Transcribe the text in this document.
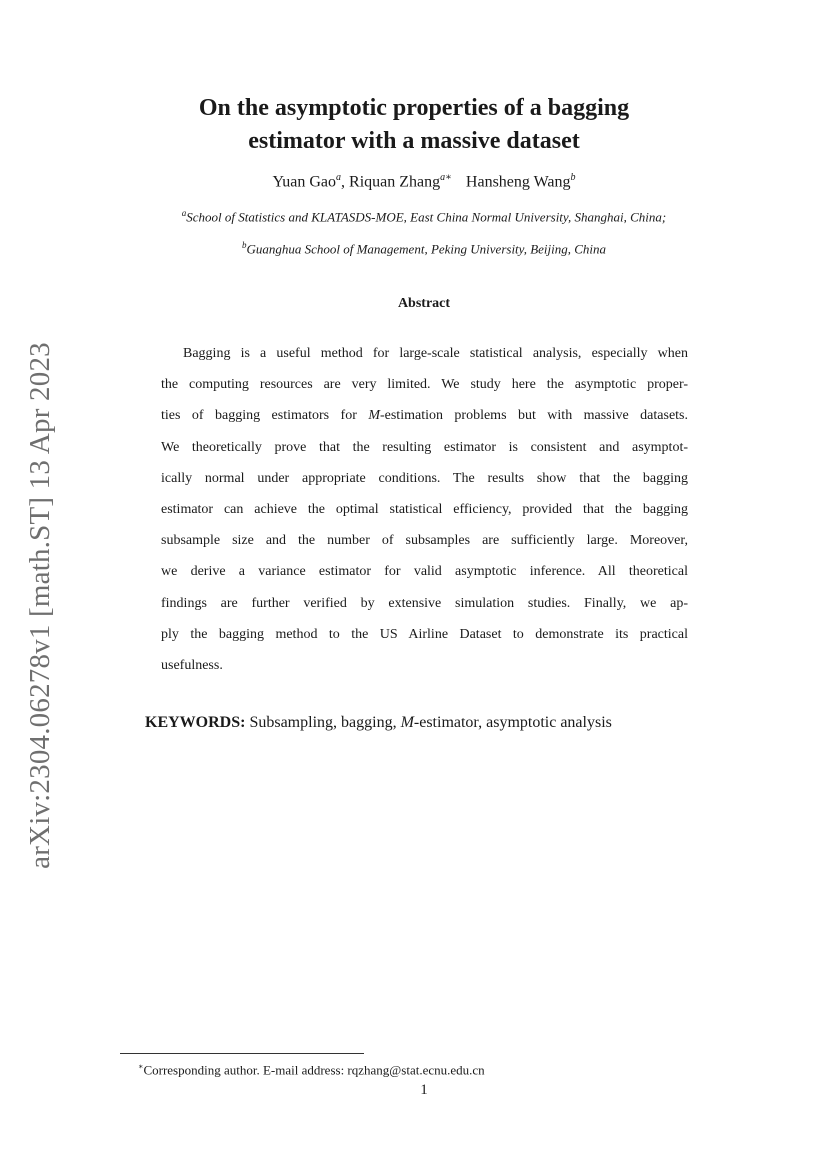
arXiv:2304.06278v1 [math.ST] 13 Apr 2023
On the asymptotic properties of a bagging
estimator with a massive dataset
Yuan Gao$^a$, Riquan Zhang$^{a∗}$ Hansheng Wang$^b$
$^a$School of Statistics and KLATASDS-MOE, East China Normal University, Shanghai, China;
$^b$Guanghua School of Management, Peking University, Beijing, China
Abstract

Bagging is a useful method for large-scale statistical analysis, especially when
the computing resources are very limited. We study here the asymptotic proper-
ties of bagging estimators for M-estimation problems but with massive datasets.
We theoretically prove that the resulting estimator is consistent and asymptot-
ically normal under appropriate conditions. The results show that the bagging
estimator can achieve the optimal statistical efficiency, provided that the bagging
subsample size and the number of subsamples are sufficiently large. Moreover,
we derive a variance estimator for valid asymptotic inference. All theoretical
findings are further verified by extensive simulation studies. Finally, we ap-
ply the bagging method to the US Airline Dataset to demonstrate its practical
usefulness.

KEYWORDS: Subsampling, bagging, M-estimator, asymptotic analysis
∗Corresponding author. E-mail address: rqzhang@stat.ecnu.edu.cn
1
